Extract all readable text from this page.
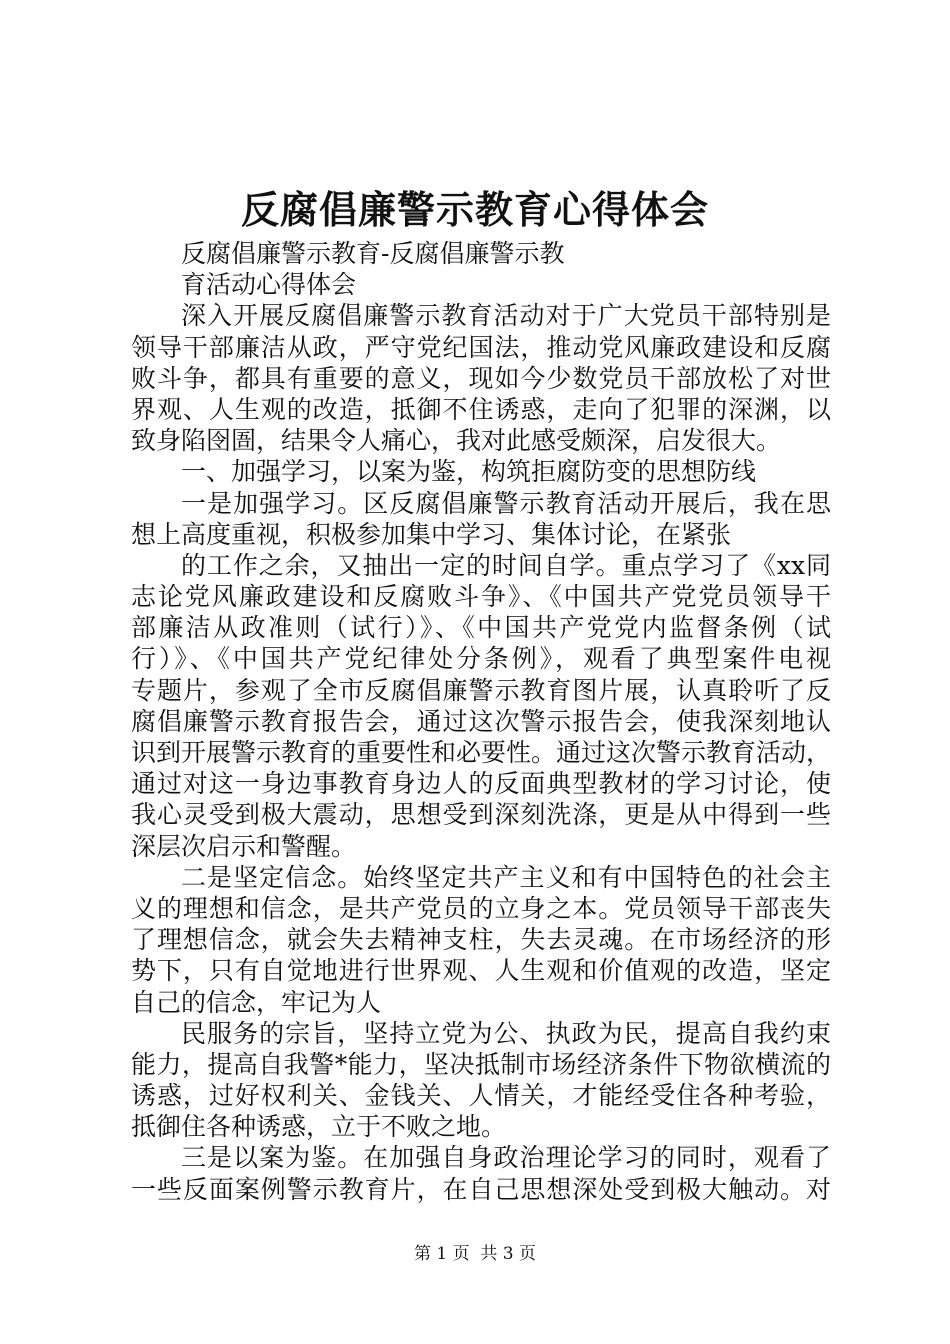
反腐倡廉警示教育心得体会
反腐倡廉警示教育-反腐倡廉警示教
育活动心得体会
深入开展反腐倡廉警示教育活动对于广大党员干部特别是
领导干部廉洁从政，严守党纪国法，推动党风廉政建设和反腐
败斗争，都具有重要的意义，现如今少数党员干部放松了对世
界观、人生观的改造，抵御不住诱惑，走向了犯罪的深渊，以
致身陷囹圄，结果令人痛心，我对此感受颇深，启发很大。
一、加强学习，以案为鉴，构筑拒腐防变的思想防线
一是加强学习。区反腐倡廉警示教育活动开展后，我在思
想上高度重视，积极参加集中学习、集体讨论，在紧张
的工作之余，又抽出一定的时间自学。重点学习了《xx同
志论党风廉政建设和反腐败斗争》、《中国共产党党员领导干
部廉洁从政准则（试行）》、《中国共产党党内监督条例（试
行）》、《中国共产党纪律处分条例》，观看了典型案件电视
专题片，参观了全市反腐倡廉警示教育图片展，认真聆听了反
腐倡廉警示教育报告会，通过这次警示报告会，使我深刻地认
识到开展警示教育的重要性和必要性。通过这次警示教育活动，
通过对这一身边事教育身边人的反面典型教材的学习讨论，使
我心灵受到极大震动，思想受到深刻洗涤，更是从中得到一些
深层次启示和警醒。
二是坚定信念。始终坚定共产主义和有中国特色的社会主
义的理想和信念，是共产党员的立身之本。党员领导干部丧失
了理想信念，就会失去精神支柱，失去灵魂。在市场经济的形
势下，只有自觉地进行世界观、人生观和价值观的改造，坚定
自己的信念，牢记为人
民服务的宗旨，坚持立党为公、执政为民，提高自我约束
能力，提高自我警*能力，坚决抵制市场经济条件下物欲横流的
诱惑，过好权利关、金钱关、人情关，才能经受住各种考验，
抵御住各种诱惑，立于不败之地。
三是以案为鉴。在加强自身政治理论学习的同时，观看了
一些反面案例警示教育片，在自己思想深处受到极大触动。对
第 1 页  共 3 页
